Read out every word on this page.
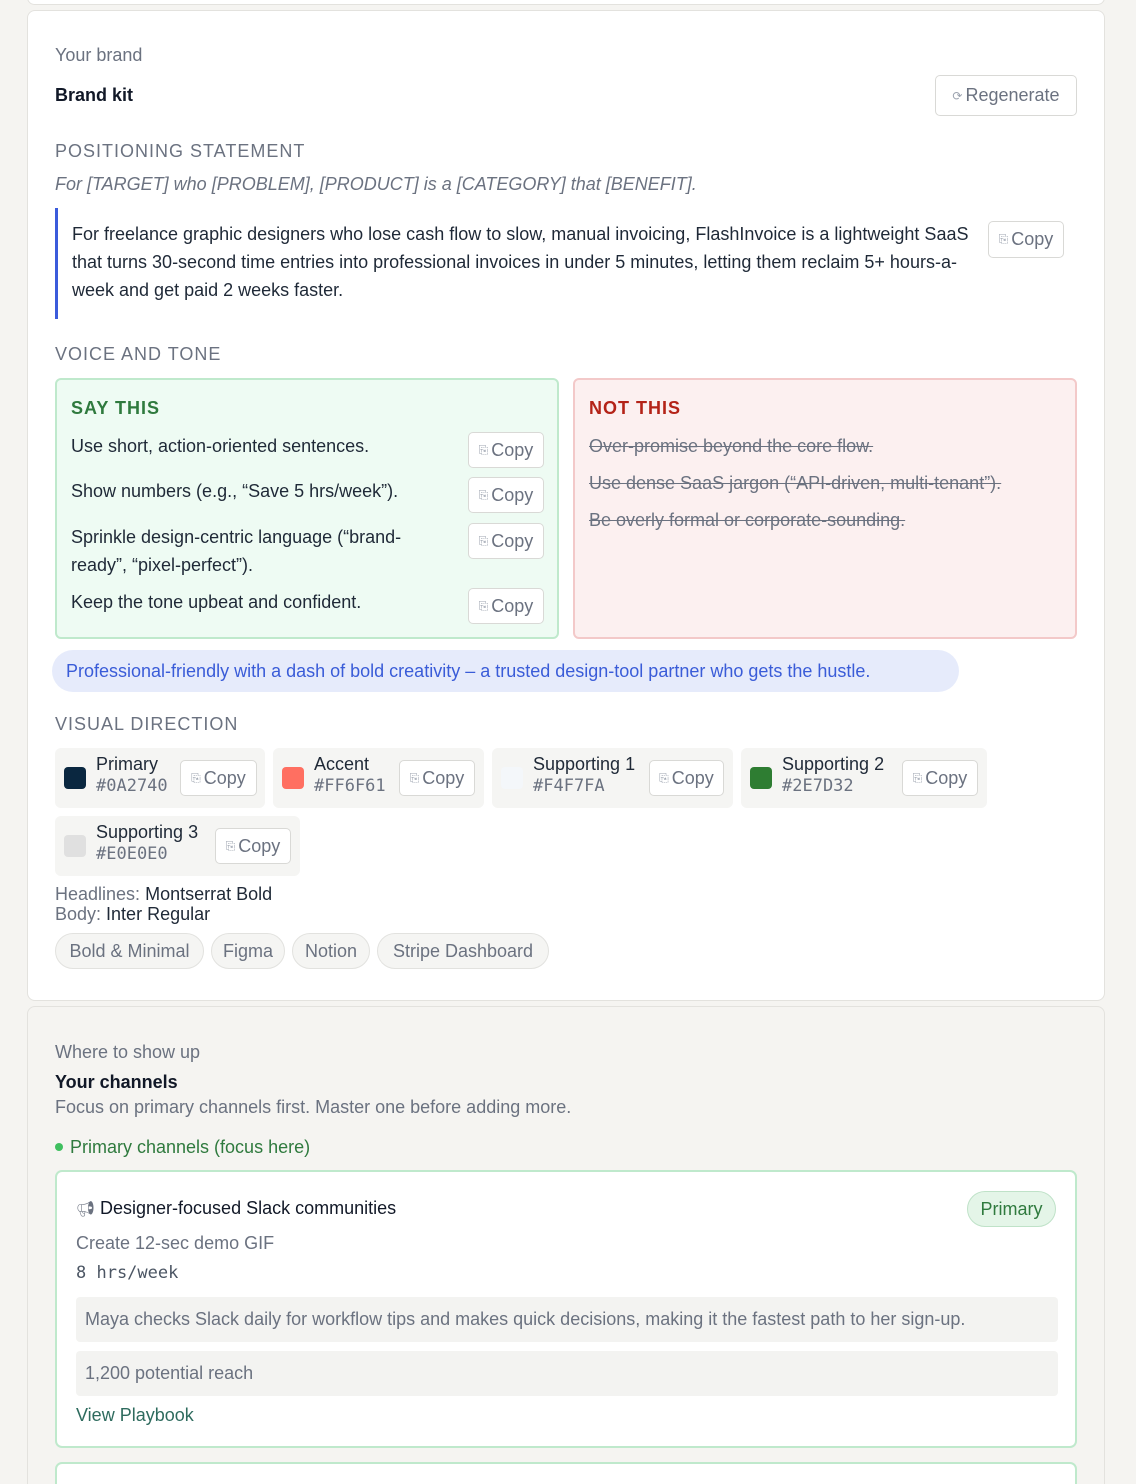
Your brand
Brand kit	⟳ Regenerate
POSITIONING STATEMENT
For [TARGET] who [PROBLEM], [PRODUCT] is a [CATEGORY] that [BENEFIT].
For freelance graphic designers who lose cash flow to slow, manual invoicing, FlashInvoice is a lightweight SaaS that turns 30-second time entries into professional invoices in under 5 minutes, letting them reclaim 5+ hours-a-week and get paid 2 weeks faster.
⎘ Copy
VOICE AND TONE
SAY THIS
Use short, action-oriented sentences.	⎘ Copy
Show numbers (e.g., “Save 5 hrs/week”).	⎘ Copy
Sprinkle design-centric language (“brand-ready”, “pixel-perfect”).
⎘ Copy
Keep the tone upbeat and confident.	⎘ Copy
NOT THIS
Over-promise beyond the core flow.
Use dense SaaS jargon (“API-driven, multi-tenant”).
Be overly formal or corporate-sounding.
Professional-friendly with a dash of bold creativity – a trusted design-tool partner who gets the hustle.
VISUAL DIRECTION
Primary
#0A2740 ⎘ Copy
Accent
#FF6F61 ⎘ Copy
Supporting 1
#F4F7FA	⎘ Copy
Supporting 2
#2E7D32	⎘ Copy
Supporting 3
#E0E0E0	⎘ Copy
Headlines: Montserrat Bold
Body: Inter Regular
Bold & Minimal	Figma	Notion	Stripe Dashboard
Where to show up
Your channels
Focus on primary channels first. Master one before adding more.
Primary channels (focus here)
📢︎ Designer-focused Slack communities	Primary
Create 12-sec demo GIF
8 hrs/week
Maya checks Slack daily for workflow tips and makes quick decisions, making it the fastest path to her sign-up.
1,200 potential reach
View Playbook
